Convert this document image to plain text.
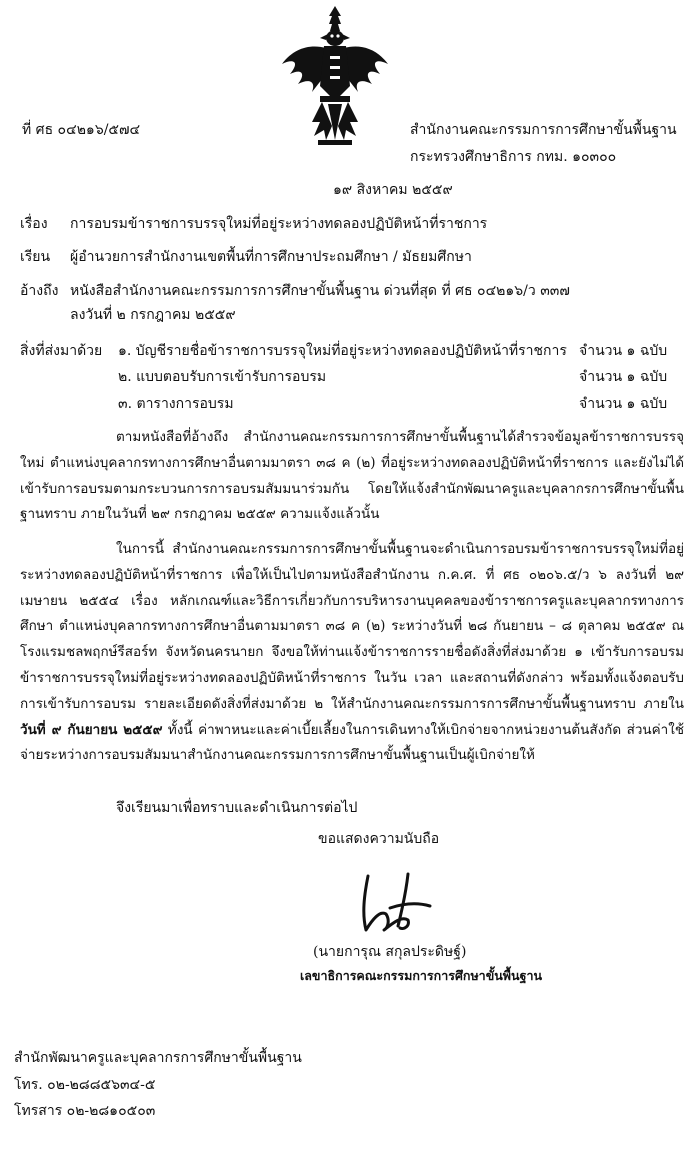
ที่ ศธ ๐๔๒๑๖/๕๗๔	สำนักงานคณะกรรมการการศึกษาขั้นพื้นฐาน
กระทรวงศึกษาธิการ กทม. ๑๐๓๐๐
๑๙ สิงหาคม ๒๕๕๙
เรื่อง การอบรมข้าราชการบรรจุใหม่ที่อยู่ระหว่างทดลองปฏิบัติหน้าที่ราชการ
เรียน ผู้อำนวยการสำนักงานเขตพื้นที่การศึกษาประถมศึกษา / มัธยมศึกษา
อ้างถึง หนังสือสำนักงานคณะกรรมการการศึกษาขั้นพื้นฐาน ด่วนที่สุด ที่ ศธ ๐๔๒๑๖/ว ๓๓๗
ลงวันที่ ๒ กรกฎาคม ๒๕๕๙
สิ่งที่ส่งมาด้วย ๑. บัญชีรายชื่อข้าราชการบรรจุใหม่ที่อยู่ระหว่างทดลองปฏิบัติหน้าที่ราชการ จำนวน ๑ ฉบับ
๒. แบบตอบรับการเข้ารับการอบรม	จำนวน ๑ ฉบับ
๓. ตารางการอบรม	จำนวน ๑ ฉบับ

ตามหนังสือที่อ้างถึง สำนักงานคณะกรรมการการศึกษาขั้นพื้นฐานได้สำรวจข้อมูลข้าราชการบรรจุใหม่ ตำแหน่งบุคลากรทางการศึกษาอื่นตามมาตรา ๓๘ ค (๒) ที่อยู่ระหว่างทดลองปฏิบัติหน้าที่ราชการ และยังไม่ได้เข้ารับการอบรมตามกระบวนการการอบรมสัมมนาร่วมกัน โดยให้แจ้งสำนักพัฒนาครูและบุคลากรการศึกษาขั้นพื้นฐานทราบ ภายในวันที่ ๒๙ กรกฎาคม ๒๕๕๙ ความแจ้งแล้วนั้น

ในการนี้ สำนักงานคณะกรรมการการศึกษาขั้นพื้นฐานจะดำเนินการอบรมข้าราชการบรรจุใหม่ที่อยู่ระหว่างทดลองปฏิบัติหน้าที่ราชการ เพื่อให้เป็นไปตามหนังสือสำนักงาน ก.ค.ศ. ที่ ศธ ๐๒๐๖.๕/ว ๖ ลงวันที่ ๒๙ เมษายน ๒๕๕๔ เรื่อง หลักเกณฑ์และวิธีการเกี่ยวกับการบริหารงานบุคคลของข้าราชการครูและบุคลากรทางการศึกษา ตำแหน่งบุคลากรทางการศึกษาอื่นตามมาตรา ๓๘ ค (๒) ระหว่างวันที่ ๒๘ กันยายน – ๘ ตุลาคม ๒๕๕๙ ณ โรงแรมชลพฤกษ์รีสอร์ท จังหวัดนครนายก จึงขอให้ท่านแจ้งข้าราชการรายชื่อดังสิ่งที่ส่งมาด้วย ๑ เข้ารับการอบรมข้าราชการบรรจุใหม่ที่อยู่ระหว่างทดลองปฏิบัติหน้าที่ราชการ ในวัน เวลา และสถานที่ดังกล่าว พร้อมทั้งแจ้งตอบรับการเข้ารับการอบรม รายละเอียดดังสิ่งที่ส่งมาด้วย ๒ ให้สำนักงานคณะกรรมการการศึกษาขั้นพื้นฐานทราบ ภายในวันที่ ๙ กันยายน ๒๕๕๙ ทั้งนี้ ค่าพาหนะและค่าเบี้ยเลี้ยงในการเดินทางให้เบิกจ่ายจากหน่วยงานต้นสังกัด ส่วนค่าใช้จ่ายระหว่างการอบรมสัมมนาสำนักงานคณะกรรมการการศึกษาขั้นพื้นฐานเป็นผู้เบิกจ่ายให้

จึงเรียนมาเพื่อทราบและดำเนินการต่อไป
ขอแสดงความนับถือ
(นายการุณ สกุลประดิษฐ์)
เลขาธิการคณะกรรมการการศึกษาขั้นพื้นฐาน
สำนักพัฒนาครูและบุคลากรการศึกษาขั้นพื้นฐาน
โทร. ๐๒-๒๘๘๕๖๓๔-๕
โทรสาร ๐๒-๒๘๑๐๕๐๓
